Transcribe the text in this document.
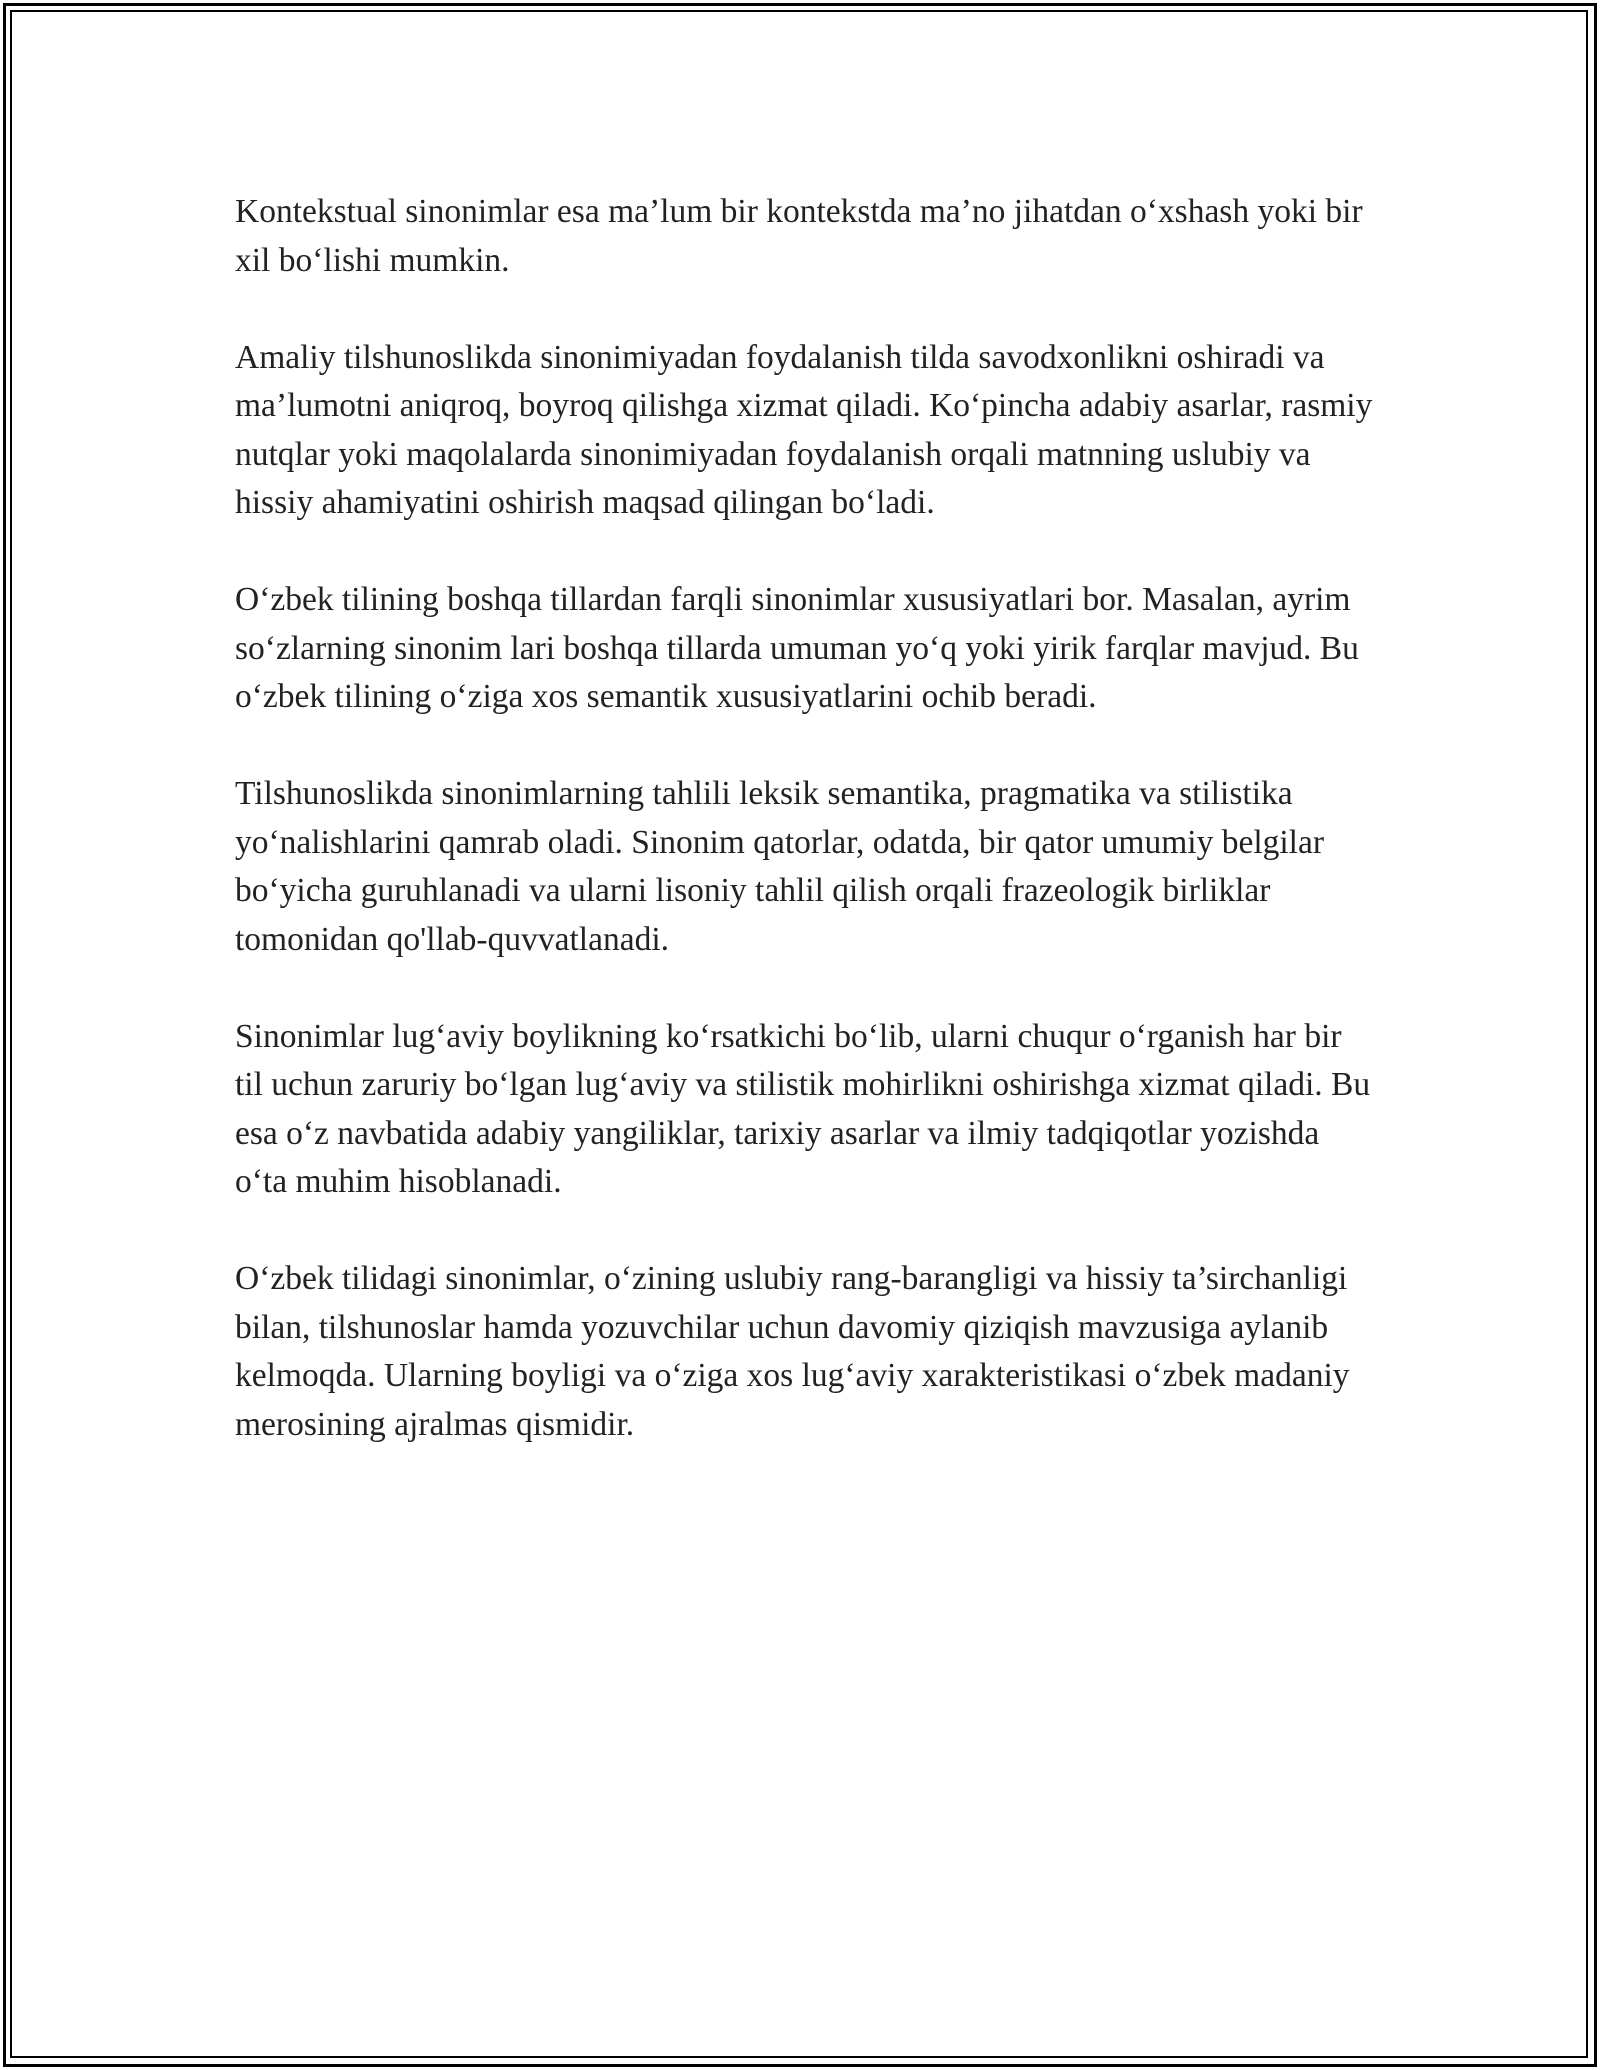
Kontekstual sinonimlar esa ma’lum bir kontekstda ma’no jihatdan o‘xshash yoki bir xil bo‘lishi mumkin.

Amaliy tilshunoslikda sinonimiyadan foydalanish tilda savodxonlikni oshiradi va ma’lumotni aniqroq, boyroq qilishga xizmat qiladi. Ko‘pincha adabiy asarlar, rasmiy nutqlar yoki maqolalarda sinonimiyadan foydalanish orqali matnning uslubiy va hissiy ahamiyatini oshirish maqsad qilingan bo‘ladi.

O‘zbek tilining boshqa tillardan farqli sinonimlar xususiyatlari bor. Masalan, ayrim so‘zlarning sinonim lari boshqa tillarda umuman yo‘q yoki yirik farqlar mavjud. Bu o‘zbek tilining o‘ziga xos semantik xususiyatlarini ochib beradi.

Tilshunoslikda sinonimlarning tahlili leksik semantika, pragmatika va stilistika yo‘nalishlarini qamrab oladi. Sinonim qatorlar, odatda, bir qator umumiy belgilar bo‘yicha guruhlanadi va ularni lisoniy tahlil qilish orqali frazeologik birliklar tomonidan qo'llab-quvvatlanadi.

Sinonimlar lug‘aviy boylikning ko‘rsatkichi bo‘lib, ularni chuqur o‘rganish har bir til uchun zaruriy bo‘lgan lug‘aviy va stilistik mohirlikni oshirishga xizmat qiladi. Bu esa o‘z navbatida adabiy yangiliklar, tarixiy asarlar va ilmiy tadqiqotlar yozishda o‘ta muhim hisoblanadi.

O‘zbek tilidagi sinonimlar, o‘zining uslubiy rang-barangligi va hissiy ta’sirchanligi bilan, tilshunoslar hamda yozuvchilar uchun davomiy qiziqish mavzusiga aylanib kelmoqda. Ularning boyligi va o‘ziga xos lug‘aviy xarakteristikasi o‘zbek madaniy merosining ajralmas qismidir.
